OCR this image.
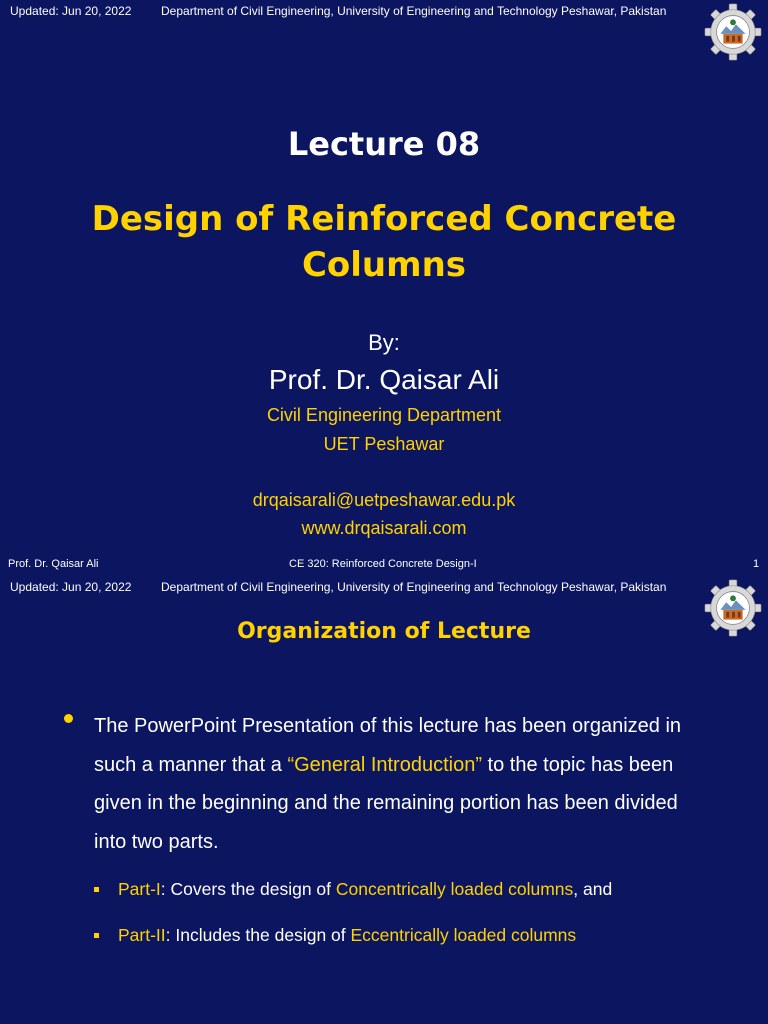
Updated: Jun 20, 2022 Department of Civil Engineering, University of Engineering and Technology Peshawar, Pakistan
Lecture 08
Design of Reinforced Concrete Columns
By:
Prof. Dr. Qaisar Ali
Civil Engineering Department
UET Peshawar
drqaisarali@uetpeshawar.edu.pk
www.drqaisarali.com
Prof. Dr. Qaisar Ali	CE 320: Reinforced Concrete Design-I	1
Updated: Jun 20, 2022 Department of Civil Engineering, University of Engineering and Technology Peshawar, Pakistan
Organization of Lecture
The PowerPoint Presentation of this lecture has been organized in such a manner that a “General Introduction” to the topic has been given in the beginning and the remaining portion has been divided into two parts.
Part-I: Covers the design of Concentrically loaded columns, and
Part-II: Includes the design of Eccentrically loaded columns
